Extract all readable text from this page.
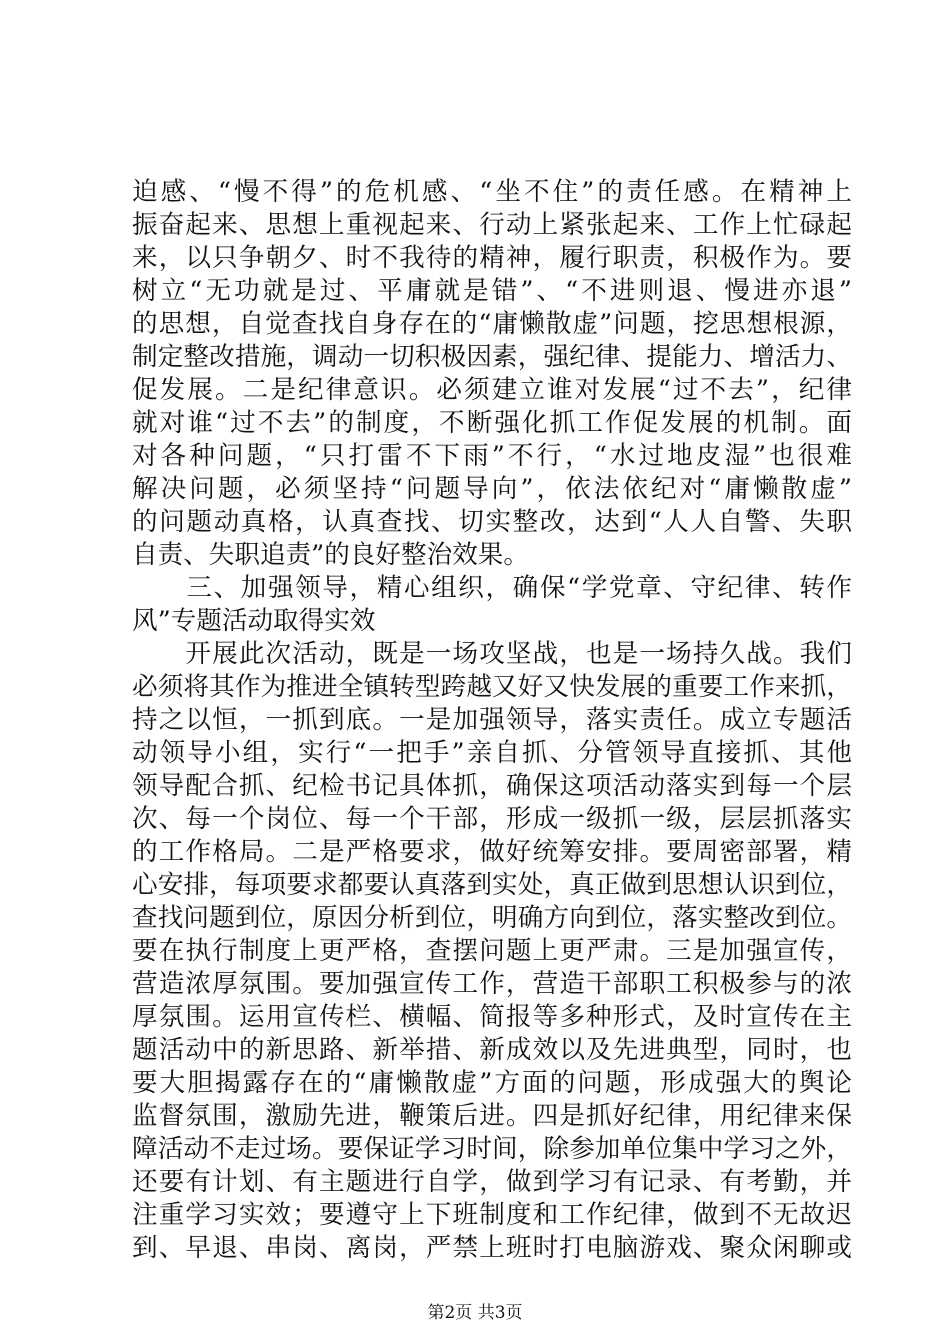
迫感、“慢不得”的危机感、“坐不住”的责任感。在精神上
振奋起来、思想上重视起来、行动上紧张起来、工作上忙碌起
来，以只争朝夕、时不我待的精神，履行职责，积极作为。要
树立“无功就是过、平庸就是错”、“不进则退、慢进亦退”
的思想，自觉查找自身存在的“庸懒散虚”问题，挖思想根源，
制定整改措施，调动一切积极因素，强纪律、提能力、增活力、
促发展。二是纪律意识。必须建立谁对发展“过不去”，纪律
就对谁“过不去”的制度，不断强化抓工作促发展的机制。面
对各种问题，“只打雷不下雨”不行，“水过地皮湿”也很难
解决问题，必须坚持“问题导向”，依法依纪对“庸懒散虚”
的问题动真格，认真查找、切实整改，达到“人人自警、失职
自责、失职追责”的良好整治效果。
　　三、加强领导，精心组织，确保“学党章、守纪律、转作
风”专题活动取得实效
　　开展此次活动，既是一场攻坚战，也是一场持久战。我们
必须将其作为推进全镇转型跨越又好又快发展的重要工作来抓，
持之以恒，一抓到底。一是加强领导，落实责任。成立专题活
动领导小组，实行“一把手”亲自抓、分管领导直接抓、其他
领导配合抓、纪检书记具体抓，确保这项活动落实到每一个层
次、每一个岗位、每一个干部，形成一级抓一级，层层抓落实
的工作格局。二是严格要求，做好统筹安排。要周密部署，精
心安排，每项要求都要认真落到实处，真正做到思想认识到位，
查找问题到位，原因分析到位，明确方向到位，落实整改到位。
要在执行制度上更严格，查摆问题上更严肃。三是加强宣传，
营造浓厚氛围。要加强宣传工作，营造干部职工积极参与的浓
厚氛围。运用宣传栏、横幅、简报等多种形式，及时宣传在主
题活动中的新思路、新举措、新成效以及先进典型，同时，也
要大胆揭露存在的“庸懒散虚”方面的问题，形成强大的舆论
监督氛围，激励先进，鞭策后进。四是抓好纪律，用纪律来保
障活动不走过场。要保证学习时间，除参加单位集中学习之外，
还要有计划、有主题进行自学，做到学习有记录、有考勤，并
注重学习实效；要遵守上下班制度和工作纪律，做到不无故迟
到、早退、串岗、离岗，严禁上班时打电脑游戏、聚众闲聊或
第2页 共3页
